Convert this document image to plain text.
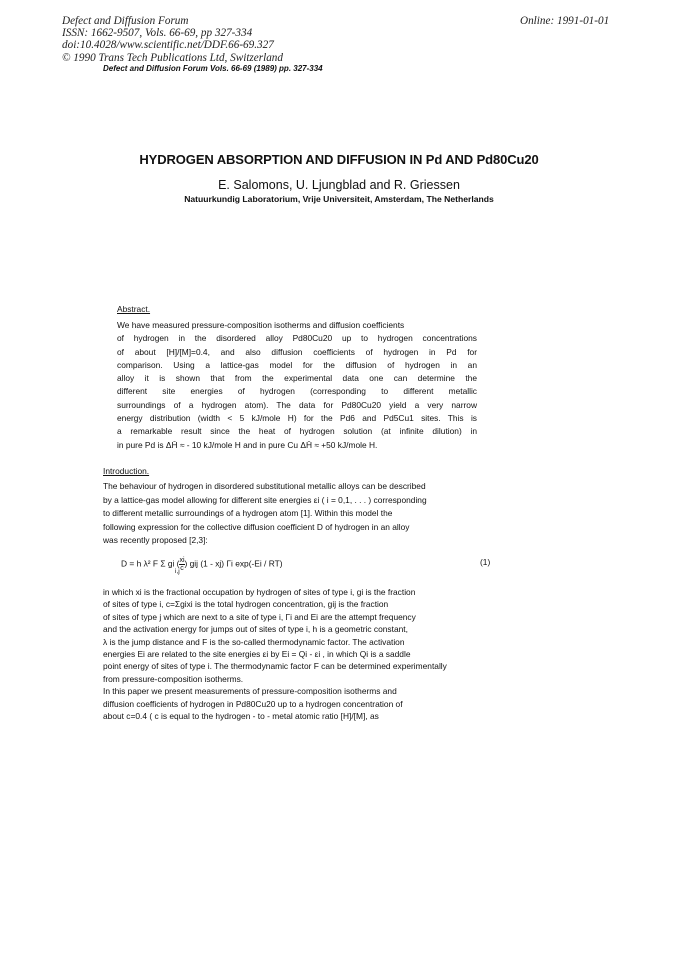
Defect and Diffusion Forum
ISSN: 1662-9507, Vols. 66-69, pp 327-334
doi:10.4028/www.scientific.net/DDF.66-69.327
© 1990 Trans Tech Publications Ltd, Switzerland
Online: 1991-01-01
Defect and Diffusion Forum Vols. 66-69 (1989) pp. 327-334
HYDROGEN ABSORPTION AND DIFFUSION IN Pd AND Pd80Cu20
E. Salomons, U. Ljungblad and R. Griessen
Natuurkundig Laboratorium, Vrije Universiteit, Amsterdam, The Netherlands
Abstract.
We have measured pressure-composition isotherms and diffusion coefficients
of hydrogen in the disordered alloy Pd80Cu20 up to hydrogen concentrations
of about [H]/[M]=0.4, and also diffusion coefficients of hydrogen in Pd for
comparison. Using a lattice-gas model for the diffusion of hydrogen in an
alloy it is shown that from the experimental data one can determine the
different site energies of hydrogen (corresponding to different metallic
surroundings of a hydrogen atom). The data for Pd80Cu20 yield a very narrow
energy distribution (width < 5 kJ/mole H) for the Pd6 and Pd5Cu1 sites. This is
a remarkable result since the heat of hydrogen solution (at infinite dilution) in
in pure Pd is ΔH̄ ≈ - 10 kJ/mole H and in pure Cu ΔH̄ ≈ +50 kJ/mole H.
Introduction.
The behaviour of hydrogen in disordered substitutional metallic alloys can be described
by a lattice-gas model allowing for different site energies εi ( i = 0,1, . . . ) corresponding
to different metallic surroundings of a hydrogen atom [1]. Within this model the
following expression for the collective diffusion coefficient D of hydrogen in an alloy
was recently proposed [2,3]:
D = h λ² F Σ gi ( $\frac{xi}{c}$) gij (1 - xj) Γi exp(-Ei / RT)
i,j
(1)
in which xi is the fractional occupation by hydrogen of sites of type i, gi is the fraction
of sites of type i, c=Σgixi is the total hydrogen concentration, gij is the fraction
of sites of type j which are next to a site of type i, Γi and Ei are the attempt frequency
and the activation energy for jumps out of sites of type i, h is a geometric constant,
λ is the jump distance and F is the so-called thermodynamic factor. The activation
energies Ei are related to the site energies εi by Ei = Qi - εi , in which Qi is a saddle
point energy of sites of type i. The thermodynamic factor F can be determined experimentally
from pressure-composition isotherms.
In this paper we present measurements of pressure-composition isotherms and
diffusion coefficients of hydrogen in Pd80Cu20 up to a hydrogen concentration of
about c=0.4 ( c is equal to the hydrogen - to - metal atomic ratio [H]/[M], as
